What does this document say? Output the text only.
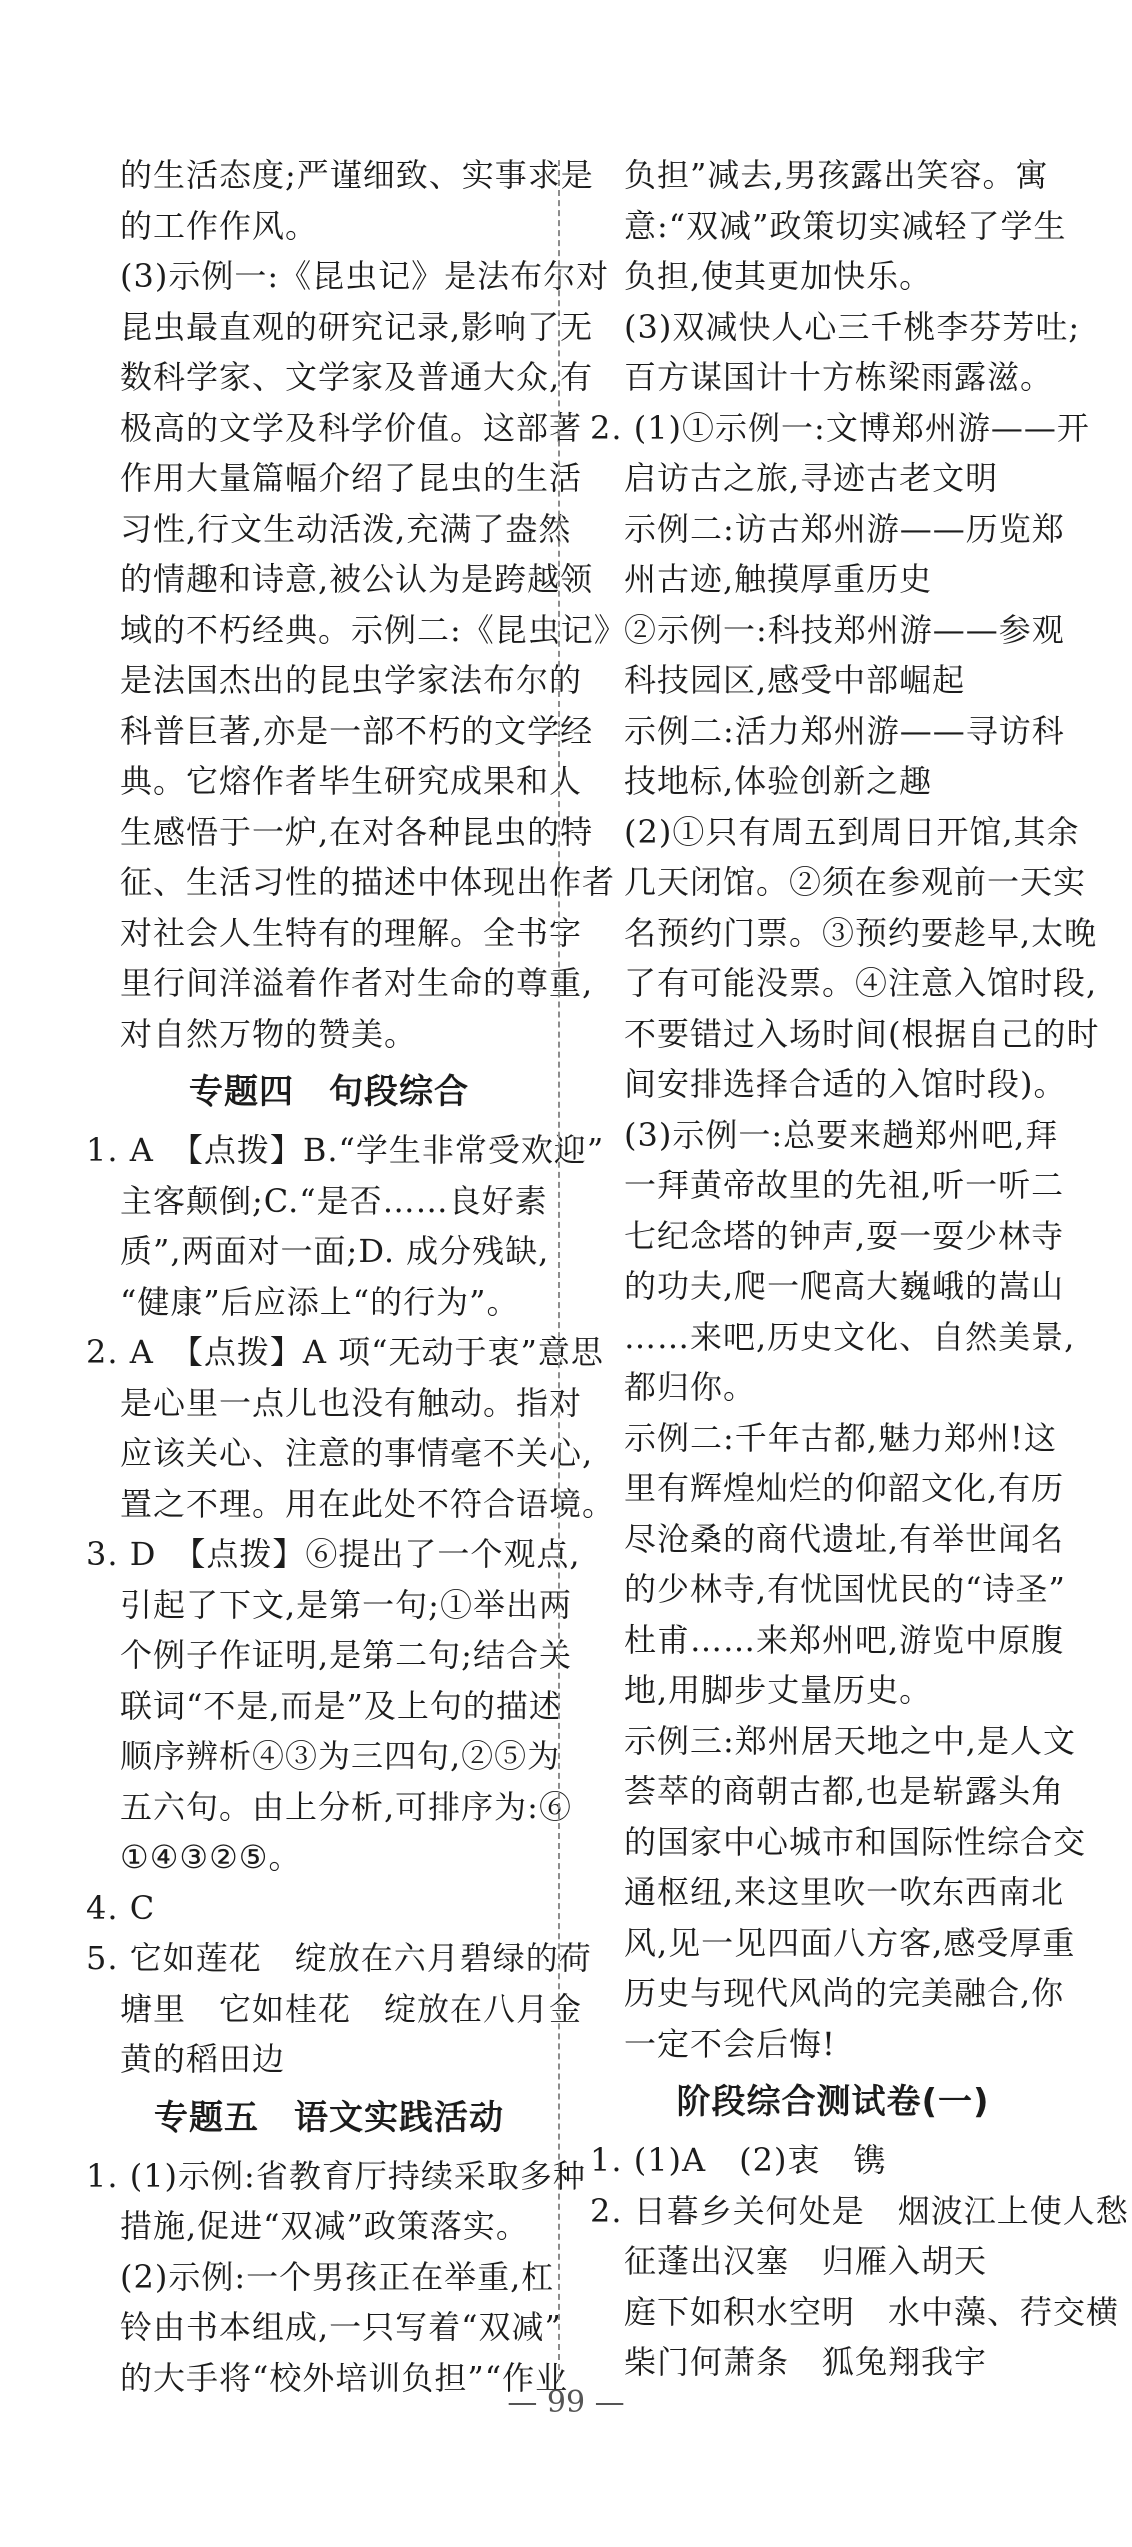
的生活态度;严谨细致、实事求是
的工作作风。
(3)示例一:《昆虫记》是法布尔对
昆虫最直观的研究记录,影响了无
数科学家、文学家及普通大众,有
极高的文学及科学价值。这部著
作用大量篇幅介绍了昆虫的生活
习性,行文生动活泼,充满了盎然
的情趣和诗意,被公认为是跨越领
域的不朽经典。示例二:《昆虫记》
是法国杰出的昆虫学家法布尔的
科普巨著,亦是一部不朽的文学经
典。它熔作者毕生研究成果和人
生感悟于一炉,在对各种昆虫的特
征、生活习性的描述中体现出作者
对社会人生特有的理解。全书字
里行间洋溢着作者对生命的尊重,
对自然万物的赞美。
专题四　句段综合
1. A　【点拨】B.“学生非常受欢迎”
主客颠倒;C.“是否……良好素
质”,两面对一面;D. 成分残缺,
“健康”后应添上“的行为”。
2. A　【点拨】A 项“无动于衷”意思
是心里一点儿也没有触动。指对
应该关心、注意的事情毫不关心,
置之不理。用在此处不符合语境。
3. D　【点拨】⑥提出了一个观点,
引起了下文,是第一句;①举出两
个例子作证明,是第二句;结合关
联词“不是,而是”及上句的描述
顺序辨析④③为三四句,②⑤为
五六句。由上分析,可排序为:⑥
①④③②⑤。
4. C
5. 它如莲花　绽放在六月碧绿的荷
塘里　它如桂花　绽放在八月金
黄的稻田边
专题五　语文实践活动
1. (1)示例:省教育厅持续采取多种
措施,促进“双减”政策落实。
(2)示例:一个男孩正在举重,杠
铃由书本组成,一只写着“双减”
的大手将“校外培训负担”“作业
负担”减去,男孩露出笑容。寓
意:“双减”政策切实减轻了学生
负担,使其更加快乐。
(3)双减快人心三千桃李芬芳吐;
百方谋国计十方栋梁雨露滋。
2. (1)①示例一:文博郑州游——开
启访古之旅,寻迹古老文明
示例二:访古郑州游——历览郑
州古迹,触摸厚重历史
②示例一:科技郑州游——参观
科技园区,感受中部崛起
示例二:活力郑州游——寻访科
技地标,体验创新之趣
(2)①只有周五到周日开馆,其余
几天闭馆。②须在参观前一天实
名预约门票。③预约要趁早,太晚
了有可能没票。④注意入馆时段,
不要错过入场时间(根据自己的时
间安排选择合适的入馆时段)。
(3)示例一:总要来趟郑州吧,拜
一拜黄帝故里的先祖,听一听二
七纪念塔的钟声,耍一耍少林寺
的功夫,爬一爬高大巍峨的嵩山
……来吧,历史文化、自然美景,
都归你。
示例二:千年古都,魅力郑州!这
里有辉煌灿烂的仰韶文化,有历
尽沧桑的商代遗址,有举世闻名
的少林寺,有忧国忧民的“诗圣”
杜甫……来郑州吧,游览中原腹
地,用脚步丈量历史。
示例三:郑州居天地之中,是人文
荟萃的商朝古都,也是崭露头角
的国家中心城市和国际性综合交
通枢纽,来这里吹一吹东西南北
风,见一见四面八方客,感受厚重
历史与现代风尚的完美融合,你
一定不会后悔!
阶段综合测试卷(一)
1. (1)A　(2)衷　镌
2. 日暮乡关何处是　烟波江上使人愁
征蓬出汉塞　归雁入胡天
庭下如积水空明　水中藻、荇交横
柴门何萧条　狐兔翔我宇
— 99 —
